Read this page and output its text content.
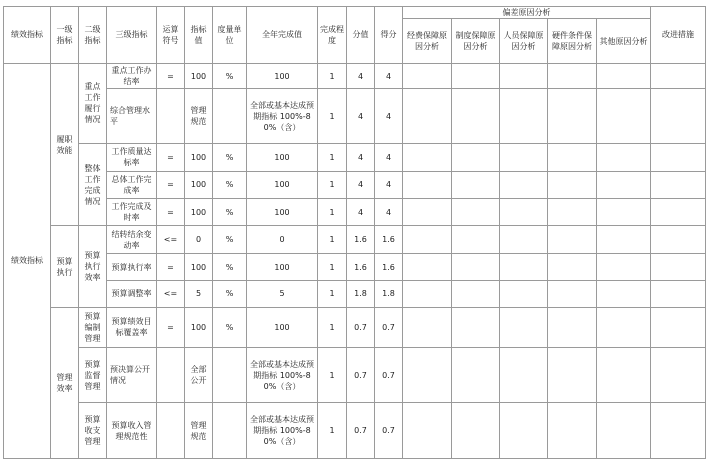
绩效指标	一级指标	二级指标	三级指标	运算符号	指标值	度量单位	全年完成值	完成程度	分值	得分	偏差原因分析					改进措施
											经费保障原因分析	制度保障原因分析	人员保障原因分析	硬件条件保障原因分析	其他原因分析	
绩效指标	履职效能	重点工作履行情况	重点工作办结率	=	100	%	100	1	4	4						
			综合管理水平		管理规范		全部或基本达成预期指标 100%-80%（含）	1	4	4						
		整体工作完成情况	工作质量达标率	=	100	%	100	1	4	4						
			总体工作完成率	=	100	%	100	1	4	4						
			工作完成及时率	=	100	%	100	1	4	4						
	预算执行	预算执行效率	结转结余变动率	<=	0	%	0	1	1.6	1.6						
			预算执行率	=	100	%	100	1	1.6	1.6						
			预算调整率	<=	5	%	5	1	1.8	1.8						
	管理效率	预算编制管理	预算绩效目标覆盖率	=	100	%	100	1	0.7	0.7						
		预算监督管理	预决算公开情况		全部公开		全部或基本达成预期指标 100%-80%（含）	1	0.7	0.7						
		预算收支管理	预算收入管理规范性		管理规范		全部或基本达成预期指标 100%-80%（含）	1	0.7	0.7						
